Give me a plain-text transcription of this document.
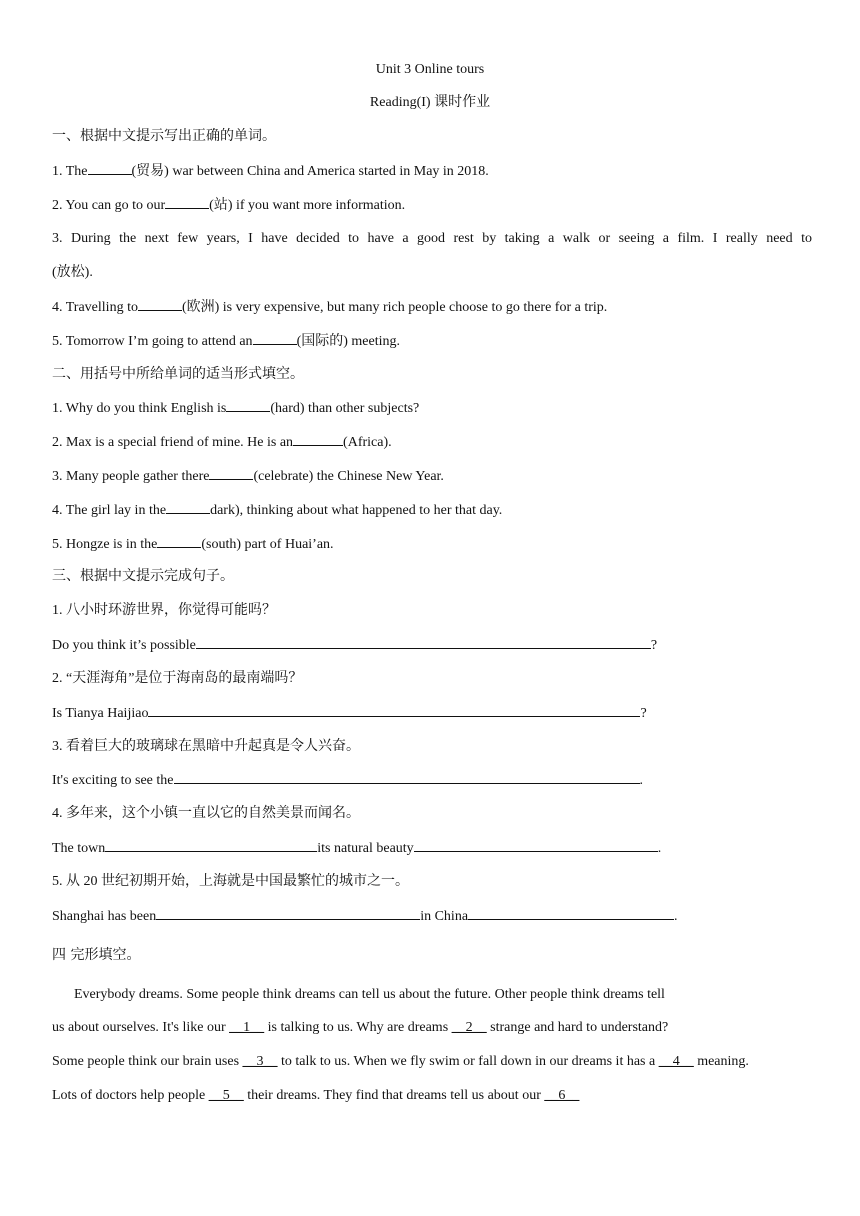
Unit 3 Online tours
Reading(I) 课时作业
一、根据中文提示写出正确的单词。
1. The	(贸易) war between China and America started in May in 2018.
2. You can go to our	(站) if you want more information.
3. During the next few years, I have decided to have a good rest by taking a walk or seeing a film. I really need to
(放松).
4. Travelling to	(欧洲) is very expensive, but many rich people choose to go there for a trip.
5. Tomorrow I’m going to attend an	(国际的) meeting.
二、用括号中所给单词的适当形式填空。
1. Why do you think English is	(hard) than other subjects?
2. Max is a special friend of mine. He is an	(Africa).
3. Many people gather there	(celebrate) the Chinese New Year.
4. The girl lay in the	dark), thinking about what happened to her that day.
5. Hongze is in the	(south) part of Huai’an.
三、根据中文提示完成句子。
1. 八小时环游世界，你觉得可能吗？
Do you think it’s possible	?
2. “天涯海角”是位于海南岛的最南端吗？
Is Tianya Haijiao	?
3. 看着巨大的玻璃球在黑暗中升起真是令人兴奋。
It's exciting to see the	.
4. 多年来，这个小镇一直以它的自然美景而闻名。
The town	its natural beauty	.
5. 从 20 世纪初期开始，上海就是中国最繁忙的城市之一。
Shanghai has been	in China	.
四 完形填空。
Everybody dreams. Some people think dreams can tell us about the future. Other people think dreams tell
us about ourselves. It's like our __1__ is talking to us. Why are dreams __2__ strange and hard to understand?
Some people think our brain uses __3__ to talk to us. When we fly swim or fall down in our dreams it has a __4__ meaning.
Lots of doctors help people __5__ their dreams. They find that dreams tell us about our __6__
